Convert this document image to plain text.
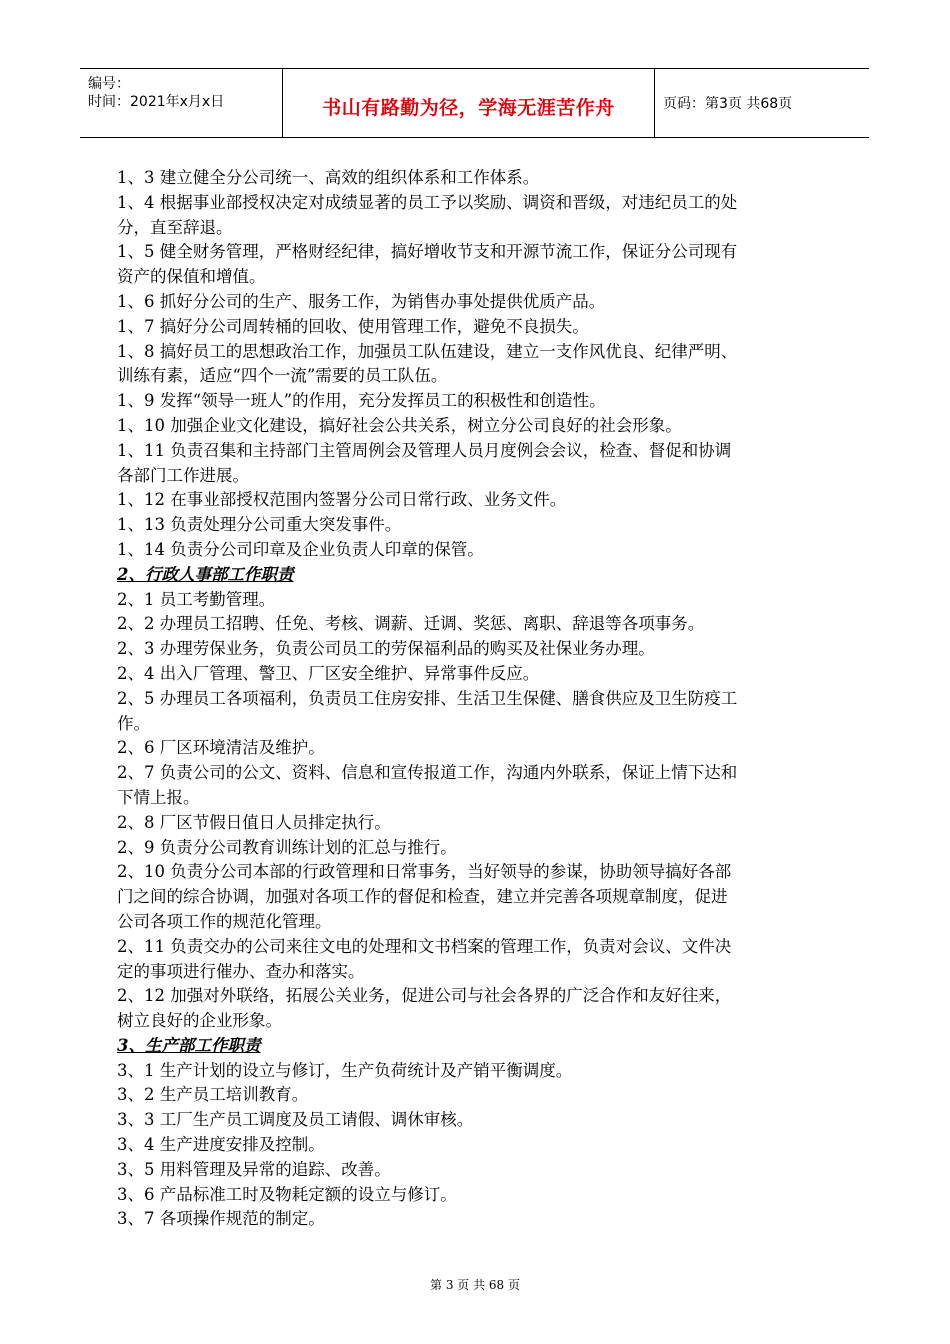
编号：
时间：2021年x月x日	书山有路勤为径，学海无涯苦作舟	页码：第3页 共68页
1、3 建立健全分公司统一、高效的组织体系和工作体系。
1、4 根据事业部授权决定对成绩显著的员工予以奖励、调资和晋级，对违纪员工的处
分，直至辞退。
1、5 健全财务管理，严格财经纪律，搞好增收节支和开源节流工作，保证分公司现有
资产的保值和增值。
1、6 抓好分公司的生产、服务工作，为销售办事处提供优质产品。
1、7 搞好分公司周转桶的回收、使用管理工作，避免不良损失。
1、8 搞好员工的思想政治工作，加强员工队伍建设，建立一支作风优良、纪律严明、
训练有素，适应“四个一流”需要的员工队伍。
1、9 发挥“领导一班人”的作用，充分发挥员工的积极性和创造性。
1、10 加强企业文化建设，搞好社会公共关系，树立分公司良好的社会形象。
1、11 负责召集和主持部门主管周例会及管理人员月度例会会议，检查、督促和协调
各部门工作进展。
1、12 在事业部授权范围内签署分公司日常行政、业务文件。
1、13 负责处理分公司重大突发事件。
1、14 负责分公司印章及企业负责人印章的保管。
2、行政人事部工作职责
2、1 员工考勤管理。
2、2 办理员工招聘、任免、考核、调薪、迁调、奖惩、离职、辞退等各项事务。
2、3 办理劳保业务，负责公司员工的劳保福利品的购买及社保业务办理。
2、4 出入厂管理、警卫、厂区安全维护、异常事件反应。
2、5 办理员工各项福利，负责员工住房安排、生活卫生保健、膳食供应及卫生防疫工
作。
2、6 厂区环境清洁及维护。
2、7 负责公司的公文、资料、信息和宣传报道工作，沟通内外联系，保证上情下达和
下情上报。
2、8 厂区节假日值日人员排定执行。
2、9 负责分公司教育训练计划的汇总与推行。
2、10 负责分公司本部的行政管理和日常事务，当好领导的参谋，协助领导搞好各部
门之间的综合协调，加强对各项工作的督促和检查，建立并完善各项规章制度，促进
公司各项工作的规范化管理。
2、11 负责交办的公司来往文电的处理和文书档案的管理工作，负责对会议、文件决
定的事项进行催办、查办和落实。
2、12 加强对外联络，拓展公关业务，促进公司与社会各界的广泛合作和友好往来，
树立良好的企业形象。
3、生产部工作职责
3、1 生产计划的设立与修订，生产负荷统计及产销平衡调度。
3、2 生产员工培训教育。
3、3 工厂生产员工调度及员工请假、调休审核。
3、4 生产进度安排及控制。
3、5 用料管理及异常的追踪、改善。
3、6 产品标准工时及物耗定额的设立与修订。
3、7 各项操作规范的制定。
第 3 页 共 68 页
